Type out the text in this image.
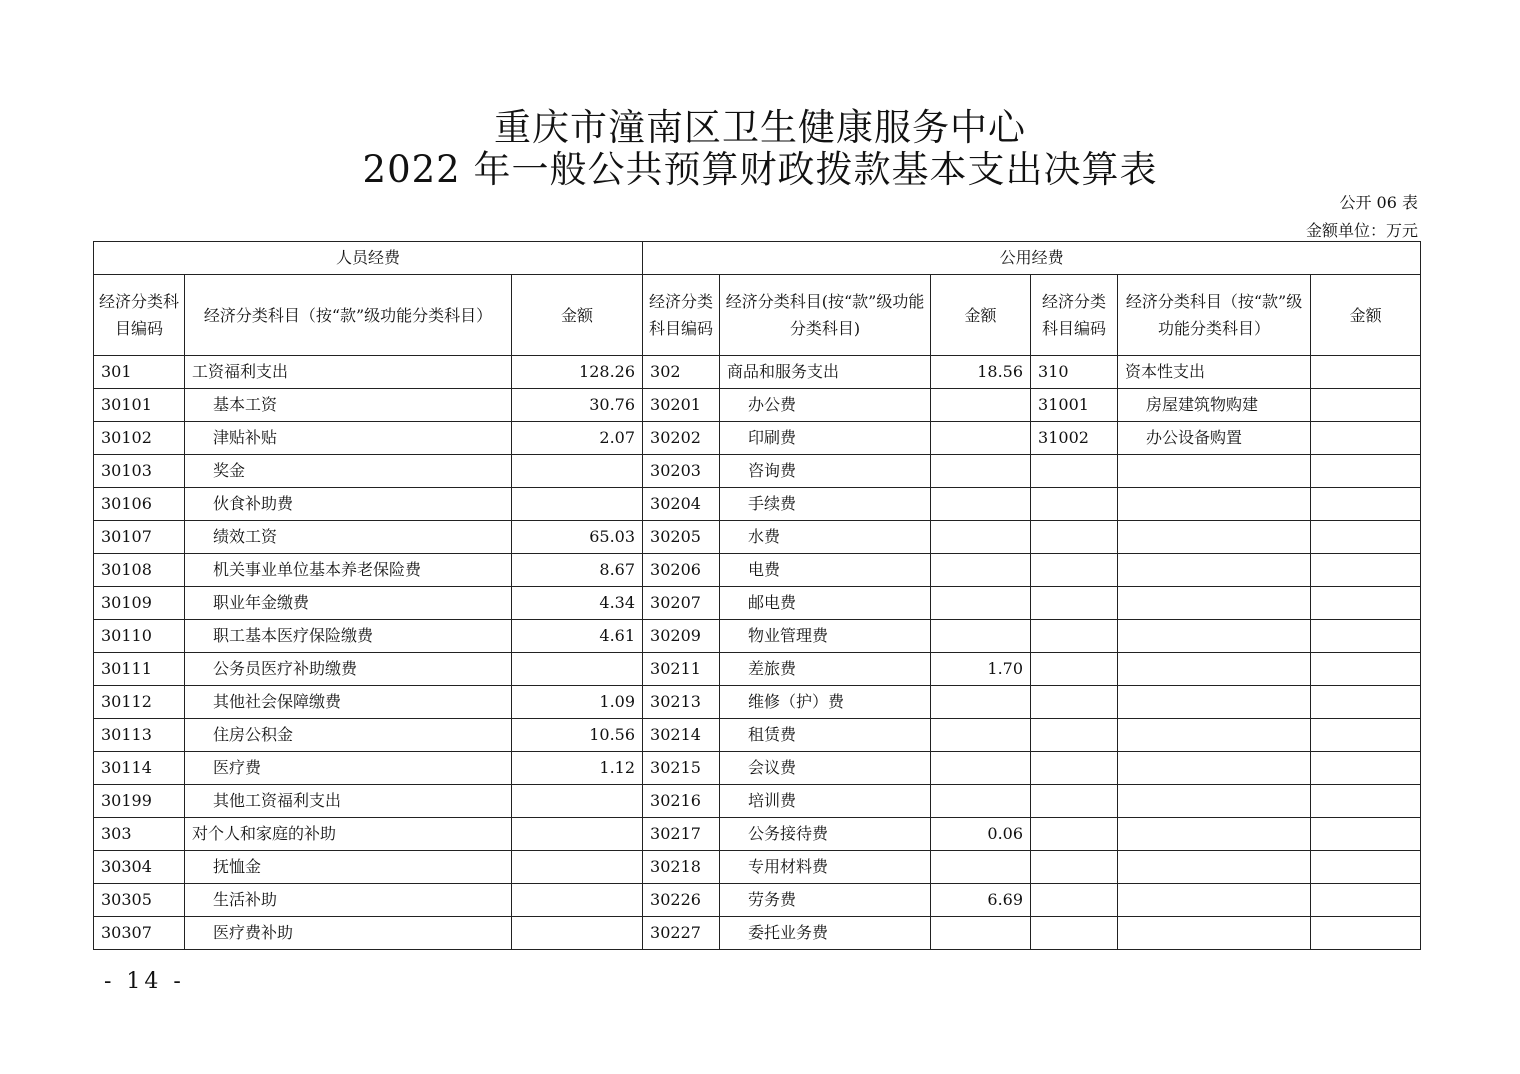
重庆市潼南区卫生健康服务中心
2022 年一般公共预算财政拨款基本支出决算表
公开 06 表
金额单位：万元
人员经费			公用经费					
经济分类科目编码	经济分类科目（按“款”级功能分类科目）	金额	经济分类科目编码	经济分类科目(按“款”级功能分类科目)	金额	经济分类科目编码	经济分类科目（按“款”级功能分类科目）	金额
301	工资福利支出	128.26	302	商品和服务支出	18.56	310	资本性支出	
30101	基本工资	30.76	30201	办公费		31001	房屋建筑物购建	
30102	津贴补贴	2.07	30202	印刷费		31002	办公设备购置	
30103	奖金		30203	咨询费				
30106	伙食补助费		30204	手续费				
30107	绩效工资	65.03	30205	水费				
30108	机关事业单位基本养老保险费	8.67	30206	电费				
30109	职业年金缴费	4.34	30207	邮电费				
30110	职工基本医疗保险缴费	4.61	30209	物业管理费				
30111	公务员医疗补助缴费		30211	差旅费	1.70			
30112	其他社会保障缴费	1.09	30213	维修（护）费				
30113	住房公积金	10.56	30214	租赁费				
30114	医疗费	1.12	30215	会议费				
30199	其他工资福利支出		30216	培训费				
303	对个人和家庭的补助		30217	公务接待费	0.06			
30304	抚恤金		30218	专用材料费				
30305	生活补助		30226	劳务费	6.69			
30307	医疗费补助		30227	委托业务费				
- 14 -
